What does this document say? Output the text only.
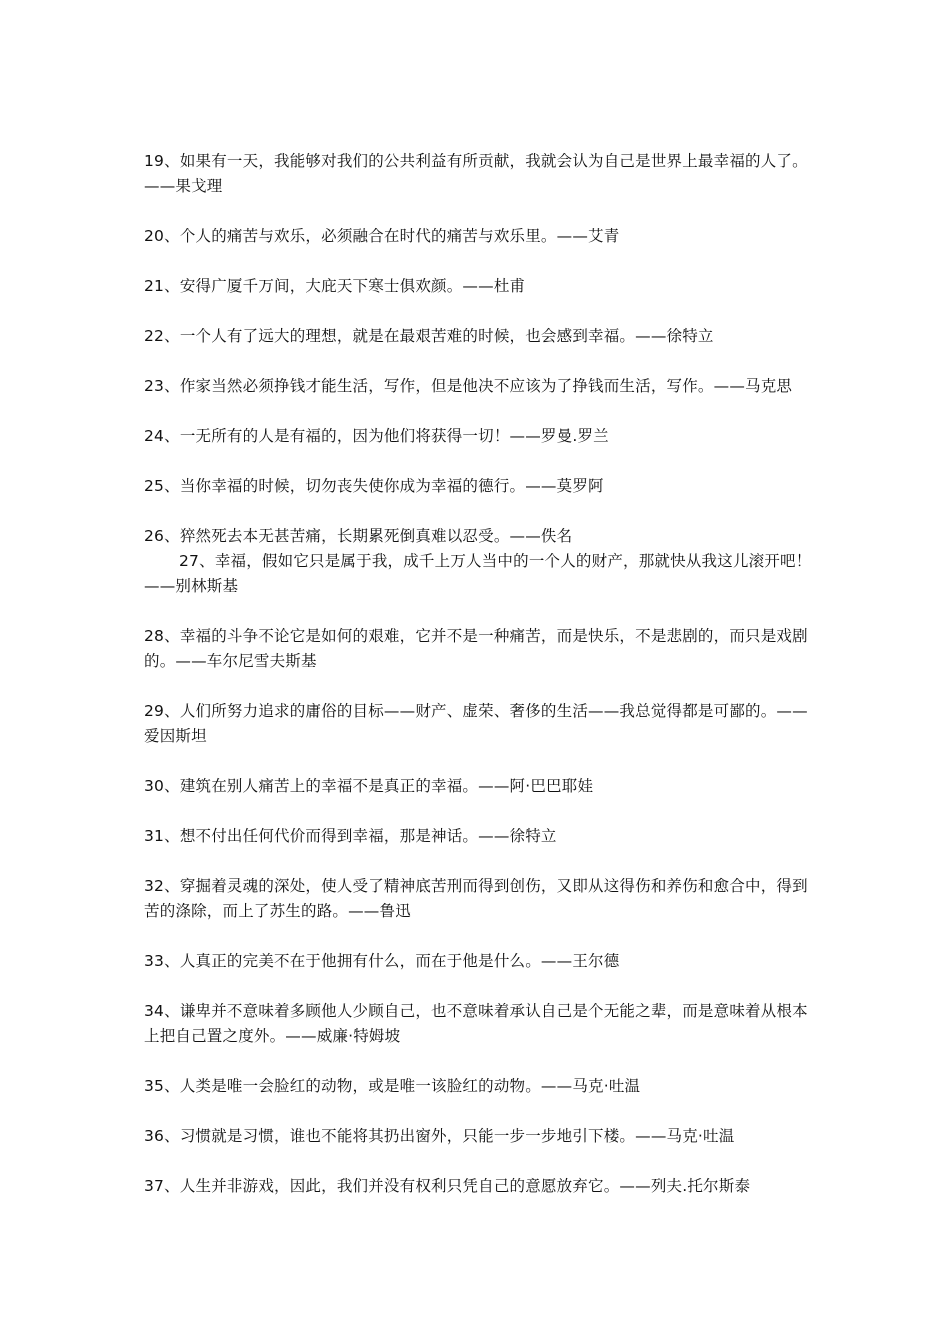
19、如果有一天，我能够对我们的公共利益有所贡献，我就会认为自己是世界上最幸福的人了。——果戈理

20、个人的痛苦与欢乐，必须融合在时代的痛苦与欢乐里。——艾青

21、安得广厦千万间，大庇天下寒士俱欢颜。——杜甫

22、一个人有了远大的理想，就是在最艰苦难的时候，也会感到幸福。——徐特立

23、作家当然必须挣钱才能生活，写作，但是他决不应该为了挣钱而生活，写作。——马克思

24、一无所有的人是有福的，因为他们将获得一切！——罗曼.罗兰

25、当你幸福的时候，切勿丧失使你成为幸福的德行。——莫罗阿

26、猝然死去本无甚苦痛，长期累死倒真难以忍受。——佚名

27、幸福，假如它只是属于我，成千上万人当中的一个人的财产，那就快从我这儿滚开吧！——别林斯基

28、幸福的斗争不论它是如何的艰难，它并不是一种痛苦，而是快乐，不是悲剧的，而只是戏剧的。——车尔尼雪夫斯基

29、人们所努力追求的庸俗的目标——财产、虚荣、奢侈的生活——我总觉得都是可鄙的。——爱因斯坦

30、建筑在别人痛苦上的幸福不是真正的幸福。——阿·巴巴耶娃

31、想不付出任何代价而得到幸福，那是神话。——徐特立

32、穿掘着灵魂的深处，使人受了精神底苦刑而得到创伤，又即从这得伤和养伤和愈合中，得到苦的涤除，而上了苏生的路。——鲁迅

33、人真正的完美不在于他拥有什么，而在于他是什么。——王尔德

34、谦卑并不意味着多顾他人少顾自己，也不意味着承认自己是个无能之辈，而是意味着从根本上把自己置之度外。——威廉·特姆坡

35、人类是唯一会脸红的动物，或是唯一该脸红的动物。——马克·吐温

36、习惯就是习惯，谁也不能将其扔出窗外，只能一步一步地引下楼。——马克·吐温

37、人生并非游戏，因此，我们并没有权利只凭自己的意愿放弃它。——列夫.托尔斯泰
